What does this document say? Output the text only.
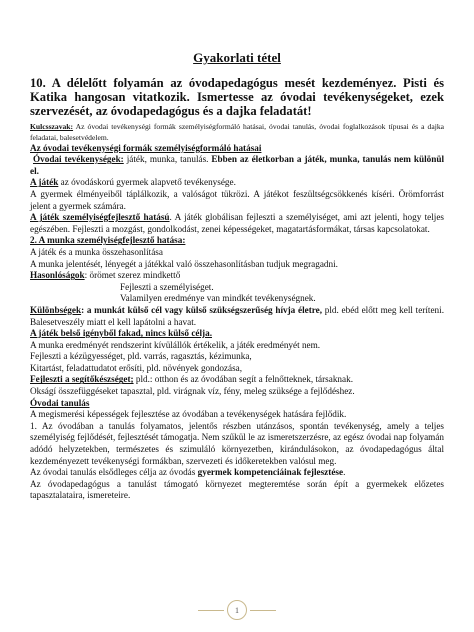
Gyakorlati tétel

10. A délelőtt folyamán az óvodapedagógus mesét kezdeményez. Pisti és Katika hangosan vitatkozik. Ismertesse az óvodai tevékenységeket, ezek szervezését, az óvodapedagógus és a dajka feladatát!

Kulcsszavak: Az óvodai tevékenységi formák személyiségformáló hatásai, óvodai tanulás, óvodai foglalkozások típusai és a dajka feladatai, balesetvédelem.

Az óvodai tevékenységi formák személyiségformáló hatásai

Óvodai tevékenységek: játék, munka, tanulás. Ebben az életkorban a játék, munka, tanulás nem különül el.

A játék az óvodáskorú gyermek alapvető tevékenysége.

A gyermek élményeiből táplálkozik, a valóságot tükrözi. A játékot feszültségcsökkenés kíséri. Örömforrást jelent a gyermek számára.

A játék személyiségfejlesztő hatású. A játék globálisan fejleszti a személyiséget, ami azt jelenti, hogy teljes egészében. Fejleszti a mozgást, gondolkodást, zenei képességeket, magatartásformákat, társas kapcsolatokat.

2. A munka személyiségfejlesztő hatása:

A játék és a munka összehasonlítása

A munka jelentését, lényegét a játékkal való összehasonlításban tudjuk megragadni.

Hasonlóságok: örömet szerez mindkettő

Fejleszti a személyiséget.

Valamilyen eredménye van mindkét tevékenységnek.

Különbségek: a munkát külső cél vagy külső szükségszerűség hívja életre, pld. ebéd előtt meg kell teríteni. Balesetveszély miatt el kell lapátolni a havat.

A játék belső igényből fakad, nincs külső célja.

A munka eredményét rendszerint kívülállók értékelik, a játék eredményét nem.

Fejleszti a kézügyességet, pld. varrás, ragasztás, kézimunka,

Kitartást, feladattudatot erősíti, pld. növények gondozása,

Fejleszti a segítőkészséget; pld.: otthon és az óvodában segít a felnőtteknek, társaknak.

Okságí összefüggéseket tapasztal, pld. virágnak víz, fény, meleg szüksége a fejlődéshez.

Óvodai tanulás

A megismerési képességek fejlesztése az óvodában a tevékenységek hatására fejlődik.

1. Az óvodában a tanulás folyamatos, jelentős részben utánzásos, spontán tevékenység, amely a teljes személyiség fejlődését, fejlesztését támogatja. Nem szűkül le az ismeretszerzésre, az egész óvodai nap folyamán adódó helyzetekben, természetes és szimuláló környezetben, kirándulásokon, az óvodapedagógus által kezdeményezett tevékenységi formákban, szervezeti és időkeretekben valósul meg.

Az óvodai tanulás elsődleges célja az óvodás gyermek kompetenciáinak fejlesztése.

Az óvodapedagógus a tanulást támogató környezet megteremtése során épít a gyermekek előzetes tapasztalataira, ismereteire.

1
